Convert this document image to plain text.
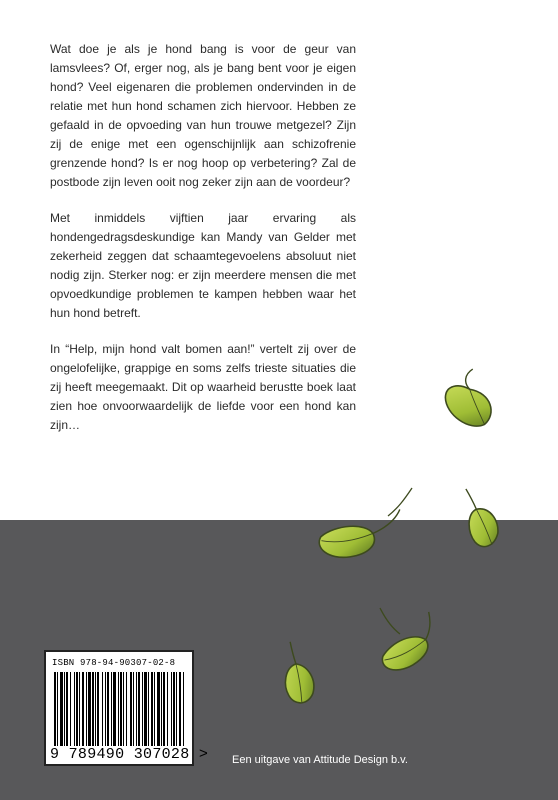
Wat doe je als je hond bang is voor de geur van lamsvlees? Of, erger nog, als je bang bent voor je eigen hond? Veel eigenaren die problemen ondervinden in de relatie met hun hond schamen zich hiervoor. Hebben ze gefaald in de opvoeding van hun trouwe metgezel? Zijn zij de enige met een ogenschijnlijk aan schizofrenie grenzende hond? Is er nog hoop op verbetering? Zal de postbode zijn leven ooit nog zeker zijn aan de voordeur?

Met inmiddels vijftien jaar ervaring als hondengedragsdeskundige kan Mandy van Gelder met zekerheid zeggen dat schaamtegevoelens absoluut niet nodig zijn. Sterker nog: er zijn meerdere mensen die met opvoedkundige problemen te kampen hebben waar het hun hond betreft.

In “Help, mijn hond valt bomen aan!” vertelt zij over de ongelofelijke, grappige en soms zelfs trieste situaties die zij heeft meegemaakt. Dit op waarheid berustte boek laat zien hoe onvoorwaardelijk de liefde voor een hond kan zijn…

ISBN 978-94-90307-02-8
9 789490 307028 > Een uitgave van Attitude Design b.v.
